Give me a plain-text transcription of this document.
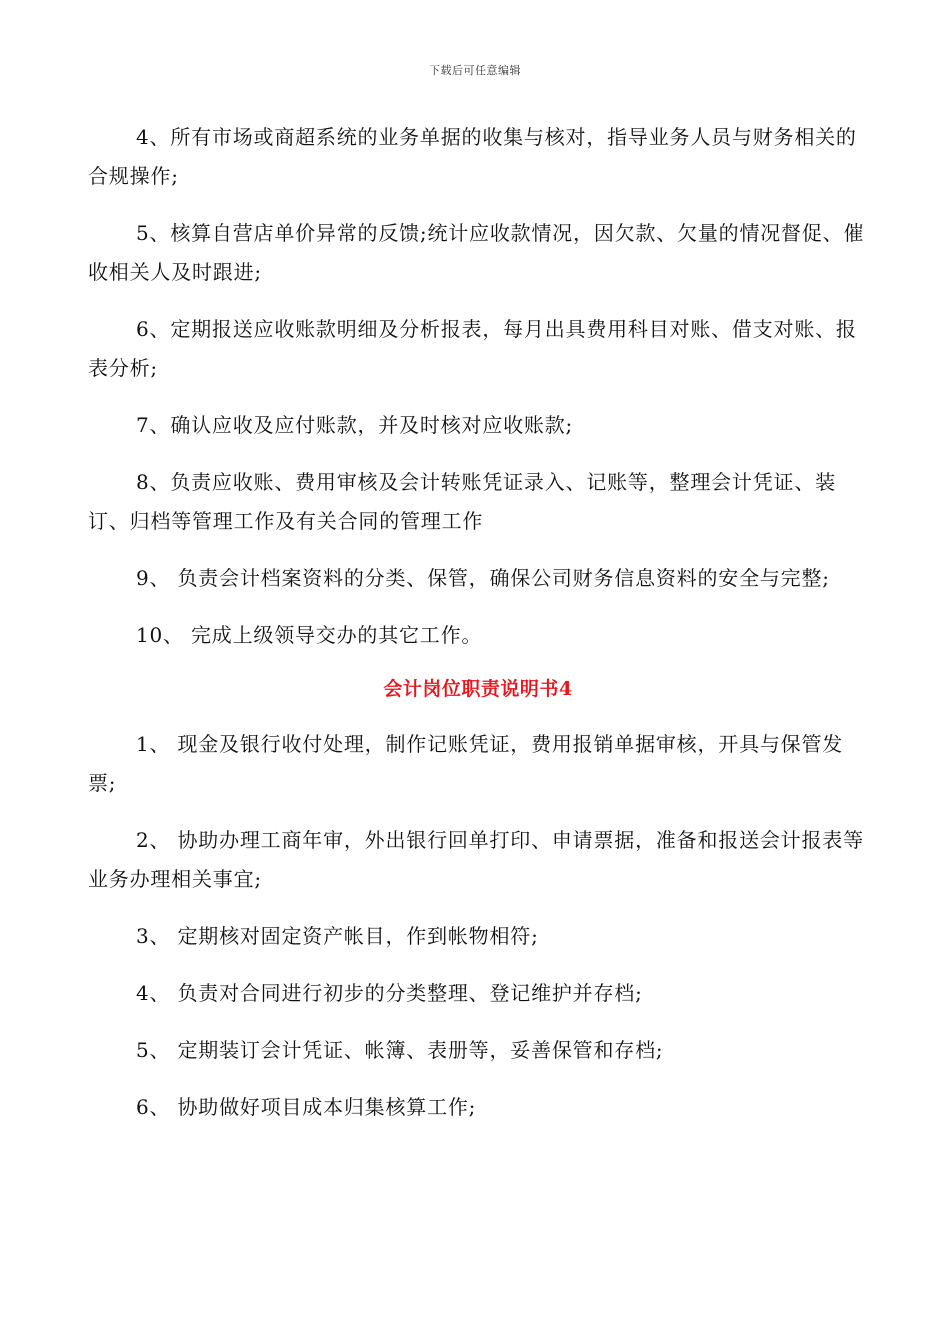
下载后可任意编辑

4、所有市场或商超系统的业务单据的收集与核对，指导业务人员与财务相关的合规操作;

5、核算自营店单价异常的反馈;统计应收款情况，因欠款、欠量的情况督促、催收相关人及时跟进;

6、定期报送应收账款明细及分析报表，每月出具费用科目对账、借支对账、报表分析;

7、确认应收及应付账款，并及时核对应收账款;

8、负责应收账、费用审核及会计转账凭证录入、记账等，整理会计凭证、装订、归档等管理工作及有关合同的管理工作

9、 负责会计档案资料的分类、保管，确保公司财务信息资料的安全与完整;

10、 完成上级领导交办的其它工作。

会计岗位职责说明书4

1、 现金及银行收付处理，制作记账凭证，费用报销单据审核，开具与保管发票;

2、 协助办理工商年审，外出银行回单打印、申请票据，准备和报送会计报表等业务办理相关事宜;

3、 定期核对固定资产帐目，作到帐物相符;

4、 负责对合同进行初步的分类整理、登记维护并存档;

5、 定期装订会计凭证、帐簿、表册等，妥善保管和存档;

6、 协助做好项目成本归集核算工作;
